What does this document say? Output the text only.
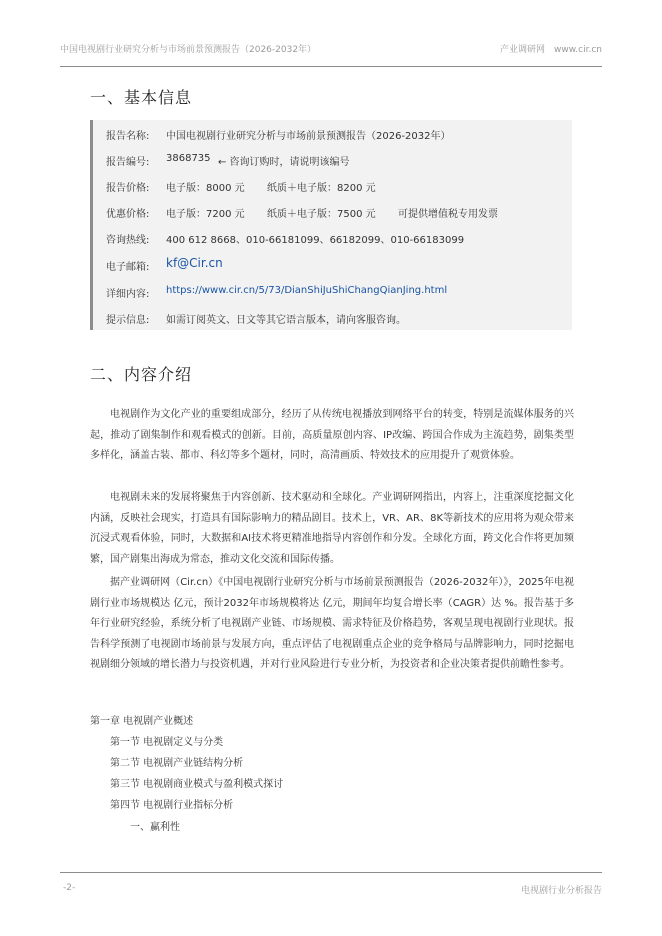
中国电视剧行业研究分析与市场前景预测报告（2026-2032年）	产业调研网　www.cir.cn
一、基本信息
报告名称:	中国电视剧行业研究分析与市场前景预测报告（2026-2032年）
报告编号:	3868735 ← 咨询订购时，请说明该编号
报告价格:	电子版：8000 元 纸质＋电子版：8200 元
优惠价格:	电子版：7200 元 纸质＋电子版：7500 元 可提供增值税专用发票
咨询热线:	400 612 8668、010-66181099、66182099、010-66183099
电子邮箱:	kf@Cir.cn
详细内容:	https://www.cir.cn/5/73/DianShiJuShiChangQianJing.html
提示信息:	如需订阅英文、日文等其它语言版本，请向客服咨询。
二、内容介绍

电视剧作为文化产业的重要组成部分，经历了从传统电视播放到网络平台的转变，特别是流媒体服务的兴起，推动了剧集制作和观看模式的创新。目前，高质量原创内容、IP改编、跨国合作成为主流趋势，剧集类型多样化，涵盖古装、都市、科幻等多个题材，同时，高清画质、特效技术的应用提升了观赏体验。

电视剧未来的发展将聚焦于内容创新、技术驱动和全球化。产业调研网指出，内容上，注重深度挖掘文化内涵，反映社会现实，打造具有国际影响力的精品剧目。技术上，VR、AR、8K等新技术的应用将为观众带来沉浸式观看体验，同时，大数据和AI技术将更精准地指导内容创作和分发。全球化方面，跨文化合作将更加频繁，国产剧集出海成为常态，推动文化交流和国际传播。

据产业调研网（Cir.cn）《中国电视剧行业研究分析与市场前景预测报告（2026-2032年）》，2025年电视剧行业市场规模达 亿元，预计2032年市场规模将达 亿元，期间年均复合增长率（CAGR）达 %。报告基于多年行业研究经验，系统分析了电视剧产业链、市场规模、需求特征及价格趋势，客观呈现电视剧行业现状。报告科学预测了电视剧市场前景与发展方向，重点评估了电视剧重点企业的竞争格局与品牌影响力，同时挖掘电视剧细分领域的增长潜力与投资机遇，并对行业风险进行专业分析，为投资者和企业决策者提供前瞻性参考。

第一章 电视剧产业概述
第一节 电视剧定义与分类
第二节 电视剧产业链结构分析
第三节 电视剧商业模式与盈利模式探讨
第四节 电视剧行业指标分析
一、赢利性
-2-	电视剧行业分析报告
